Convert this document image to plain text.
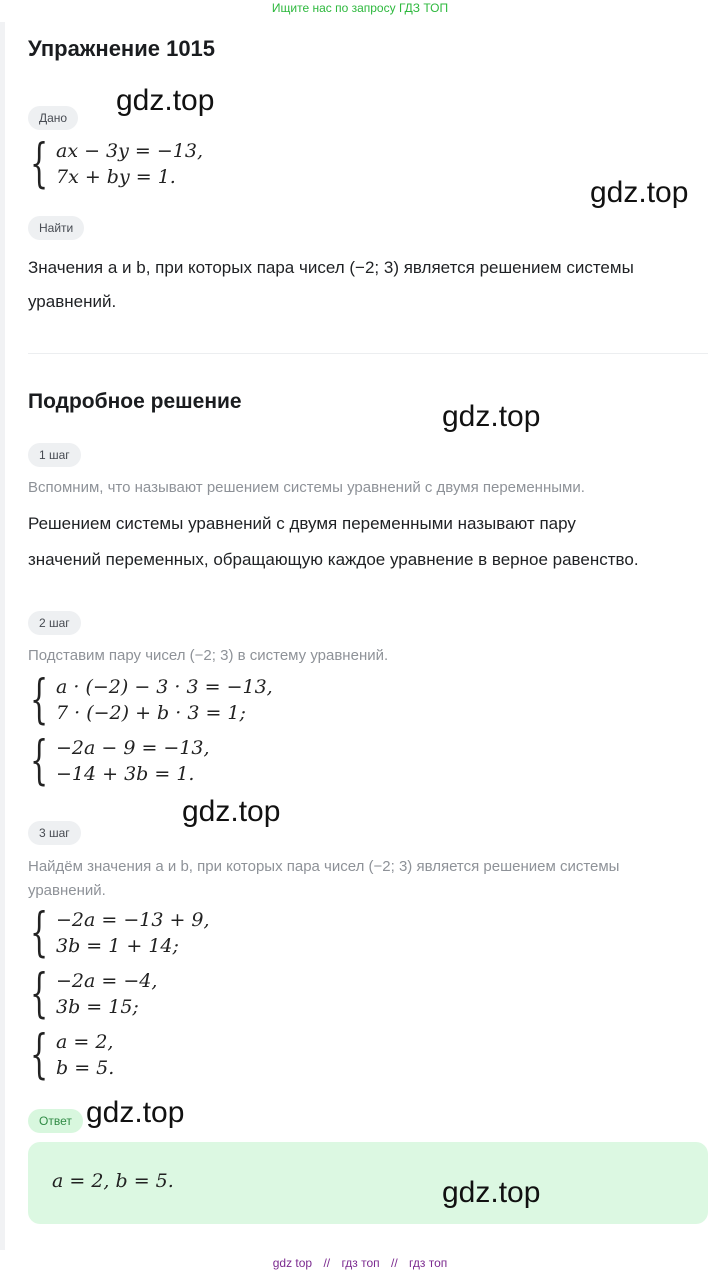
Ищите нас по запросу ГДЗ ТОП
Упражнение 1015
Дано
{ ax − 3y = −13,
7x + by = 1.
Найти
Значения a и b, при которых пара чисел (−2; 3) является решением системы
уравнений.
Подробное решение
1 шаг
Вспомним, что называют решением системы уравнений с двумя переменными.
Решением системы уравнений с двумя переменными называют пару
значений переменных, обращающую каждое уравнение в верное равенство.
2 шаг
Подставим пару чисел (−2; 3) в систему уравнений.
{ a · (−2) − 3 · 3 = −13,
7 · (−2) + b · 3 = 1;
{ −2a − 9 = −13,
−14 + 3b = 1.
3 шаг
Найдём значения a и b, при которых пара чисел (−2; 3) является решением системы
уравнений.
{ −2a = −13 + 9,
3b = 1 + 14;
{ −2a = −4,
3b = 15;
{ a = 2,
b = 5.
Ответ
a = 2, b = 5.
gdz.top
gdz.top
gdz.top
gdz.top
gdz.top
gdz.top
gdz top // гдз топ // гдз топ
